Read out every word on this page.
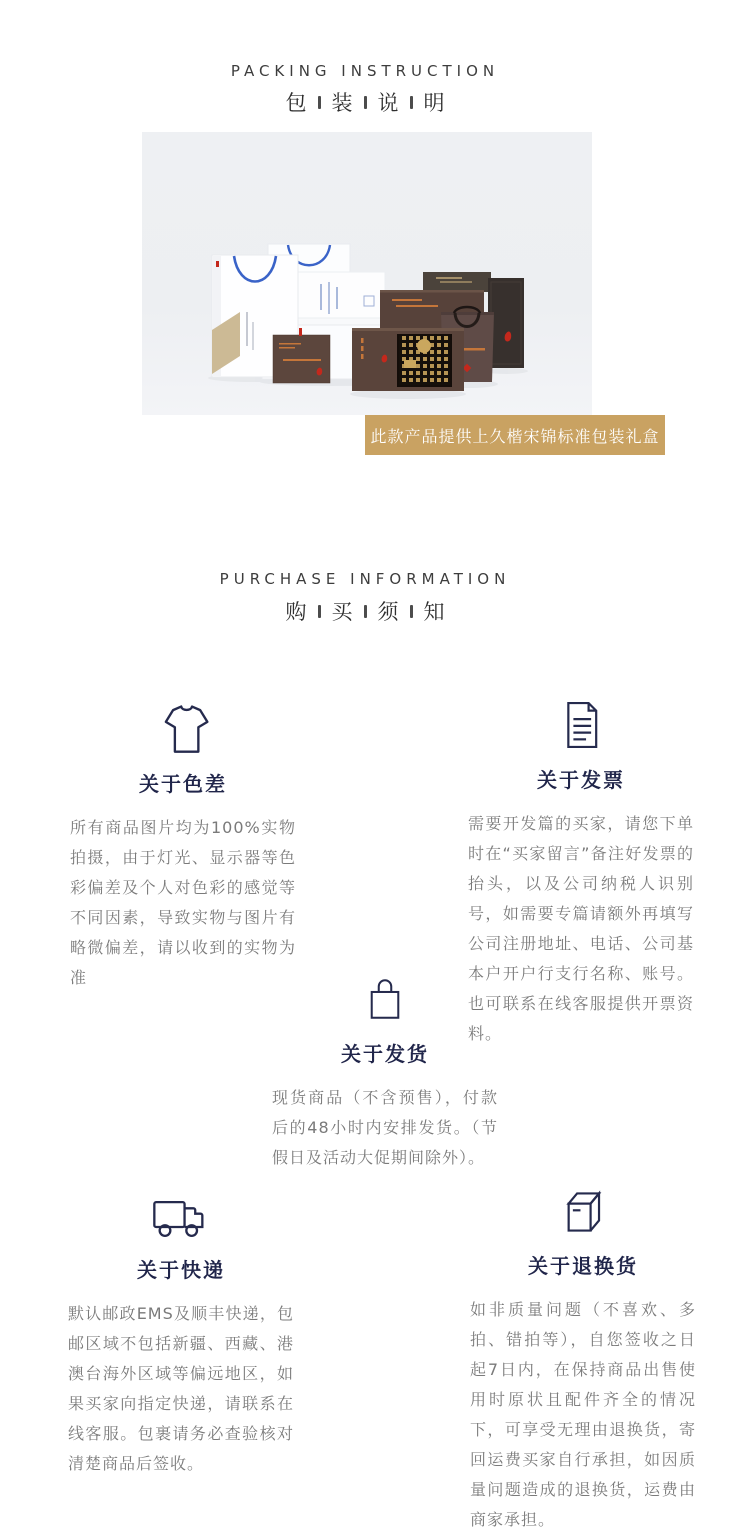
PACKING INSTRUCTION
包 装 说 明
此款产品提供上久楷宋锦标准包装礼盒
PURCHASE INFORMATION
购 买 须 知
关于色差

所有商品图片均为100%实物拍摄，由于灯光、显示器等色彩偏差及个人对色彩的感觉等不同因素，导致实物与图片有略微偏差，请以收到的实物为准

关于发票

需要开发篇的买家，请您下单时在“买家留言”备注好发票的抬头，以及公司纳税人识别号，如需要专篇请额外再填写公司注册地址、电话、公司基本户开户行支行名称、账号。也可联系在线客服提供开票资料。

关于发货

现货商品（不含预售），付款后的48小时内安排发货。（节假日及活动大促期间除外）。

关于快递

默认邮政EMS及顺丰快递，包邮区域不包括新疆、西藏、港澳台海外区域等偏远地区，如果买家向指定快递，请联系在线客服。包裹请务必查验核对清楚商品后签收。

关于退换货

如非质量问题（不喜欢、多拍、错拍等），自您签收之日起7日内，在保持商品出售使用时原状且配件齐全的情况下，可享受无理由退换货，寄回运费买家自行承担，如因质量问题造成的退换货，运费由商家承担。
